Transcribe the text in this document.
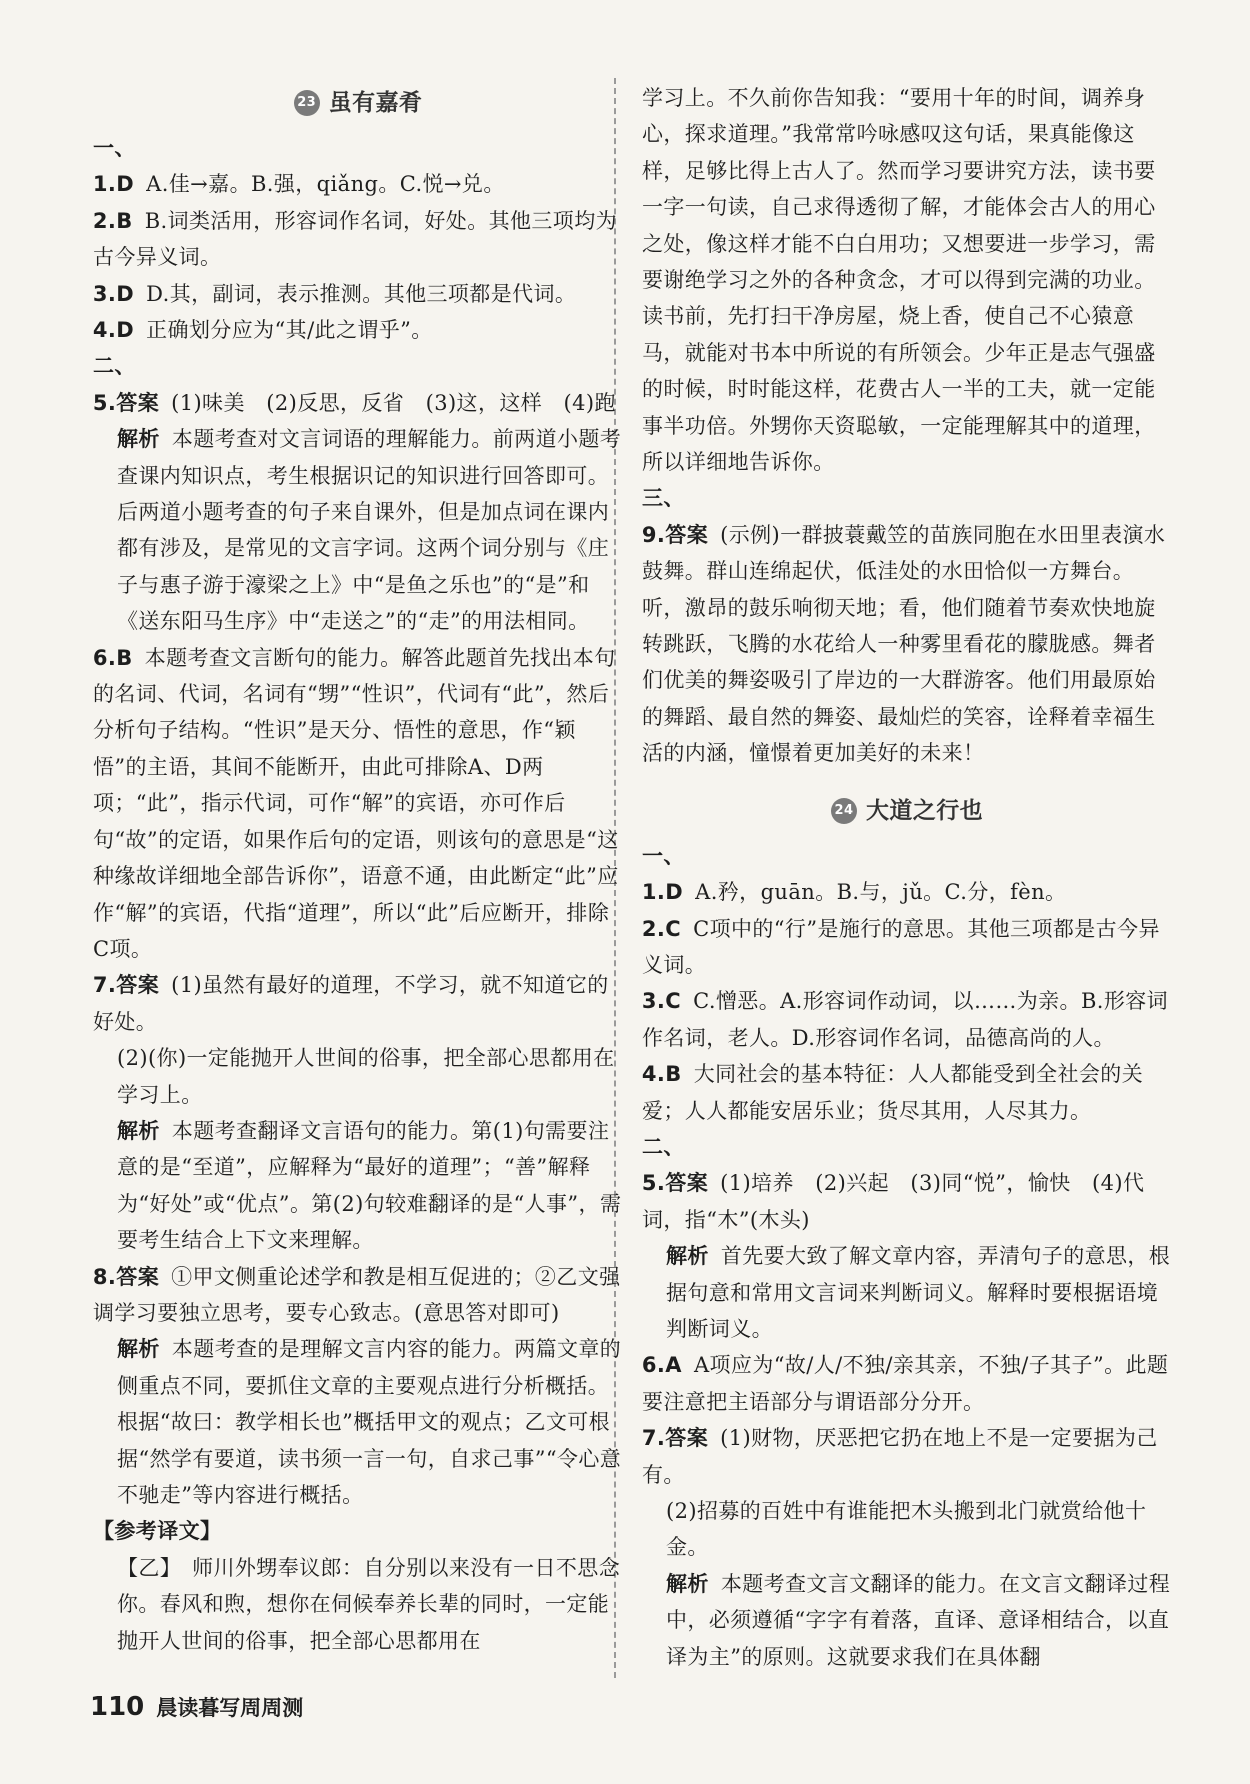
23 虽有嘉肴
一、
1.D A.佳→嘉。B.强，qiǎng。C.悦→兑。
2.B B.词类活用，形容词作名词，好处。其他三项均为古今异义词。
3.D D.其，副词，表示推测。其他三项都是代词。
4.D 正确划分应为“其/此之谓乎”。
二、
5.答案 (1)味美　(2)反思，反省　(3)这，这样　(4)跑
解析 本题考查对文言词语的理解能力。前两道小题考查课内知识点，考生根据识记的知识进行回答即可。后两道小题考查的句子来自课外，但是加点词在课内都有涉及，是常见的文言字词。这两个词分别与《庄子与惠子游于濠梁之上》中“是鱼之乐也”的“是”和《送东阳马生序》中“走送之”的“走”的用法相同。
6.B 本题考查文言断句的能力。解答此题首先找出本句的名词、代词，名词有“甥”“性识”，代词有“此”，然后分析句子结构。“性识”是天分、悟性的意思，作“颖悟”的主语，其间不能断开，由此可排除A、D两项；“此”，指示代词，可作“解”的宾语，亦可作后句“故”的定语，如果作后句的定语，则该句的意思是“这种缘故详细地全部告诉你”，语意不通，由此断定“此”应作“解”的宾语，代指“道理”，所以“此”后应断开，排除C项。
7.答案 (1)虽然有最好的道理，不学习，就不知道它的好处。
(2)(你)一定能抛开人世间的俗事，把全部心思都用在学习上。
解析 本题考查翻译文言语句的能力。第(1)句需要注意的是“至道”，应解释为“最好的道理”；“善”解释为“好处”或“优点”。第(2)句较难翻译的是“人事”，需要考生结合上下文来理解。
8.答案 ①甲文侧重论述学和教是相互促进的；②乙文强调学习要独立思考，要专心致志。(意思答对即可)
解析 本题考查的是理解文言内容的能力。两篇文章的侧重点不同，要抓住文章的主要观点进行分析概括。根据“故曰：教学相长也”概括甲文的观点；乙文可根据“然学有要道，读书须一言一句，自求己事”“令心意不驰走”等内容进行概括。
【参考译文】
【乙】　师川外甥奉议郎：自分别以来没有一日不思念你。春风和煦，想你在伺候奉养长辈的同时，一定能抛开人世间的俗事，把全部心思都用在
学习上。不久前你告知我：“要用十年的时间，调养身心，探求道理。”我常常吟咏感叹这句话，果真能像这样，足够比得上古人了。然而学习要讲究方法，读书要一字一句读，自己求得透彻了解，才能体会古人的用心之处，像这样才能不白白用功；又想要进一步学习，需要谢绝学习之外的各种贪念，才可以得到完满的功业。读书前，先打扫干净房屋，烧上香，使自己不心猿意马，就能对书本中所说的有所领会。少年正是志气强盛的时候，时时能这样，花费古人一半的工夫，就一定能事半功倍。外甥你天资聪敏，一定能理解其中的道理，所以详细地告诉你。
三、
9.答案 (示例)一群披蓑戴笠的苗族同胞在水田里表演水鼓舞。群山连绵起伏，低洼处的水田恰似一方舞台。听，激昂的鼓乐响彻天地；看，他们随着节奏欢快地旋转跳跃，飞腾的水花给人一种雾里看花的朦胧感。舞者们优美的舞姿吸引了岸边的一大群游客。他们用最原始的舞蹈、最自然的舞姿、最灿烂的笑容，诠释着幸福生活的内涵，憧憬着更加美好的未来！
24 大道之行也
一、
1.D A.矜，guān。B.与，jǔ。C.分，fèn。
2.C C项中的“行”是施行的意思。其他三项都是古今异义词。
3.C C.憎恶。A.形容词作动词，以……为亲。B.形容词作名词，老人。D.形容词作名词，品德高尚的人。
4.B 大同社会的基本特征：人人都能受到全社会的关爱；人人都能安居乐业；货尽其用，人尽其力。
二、
5.答案 (1)培养　(2)兴起　(3)同“悦”，愉快　(4)代词，指“木”(木头)
解析 首先要大致了解文章内容，弄清句子的意思，根据句意和常用文言词来判断词义。解释时要根据语境判断词义。
6.A A项应为“故/人/不独/亲其亲，不独/子其子”。此题要注意把主语部分与谓语部分分开。
7.答案 (1)财物，厌恶把它扔在地上不是一定要据为己有。
(2)招募的百姓中有谁能把木头搬到北门就赏给他十金。
解析 本题考查文言文翻译的能力。在文言文翻译过程中，必须遵循“字字有着落，直译、意译相结合，以直译为主”的原则。这就要求我们在具体翻
110 晨读暮写周周测
